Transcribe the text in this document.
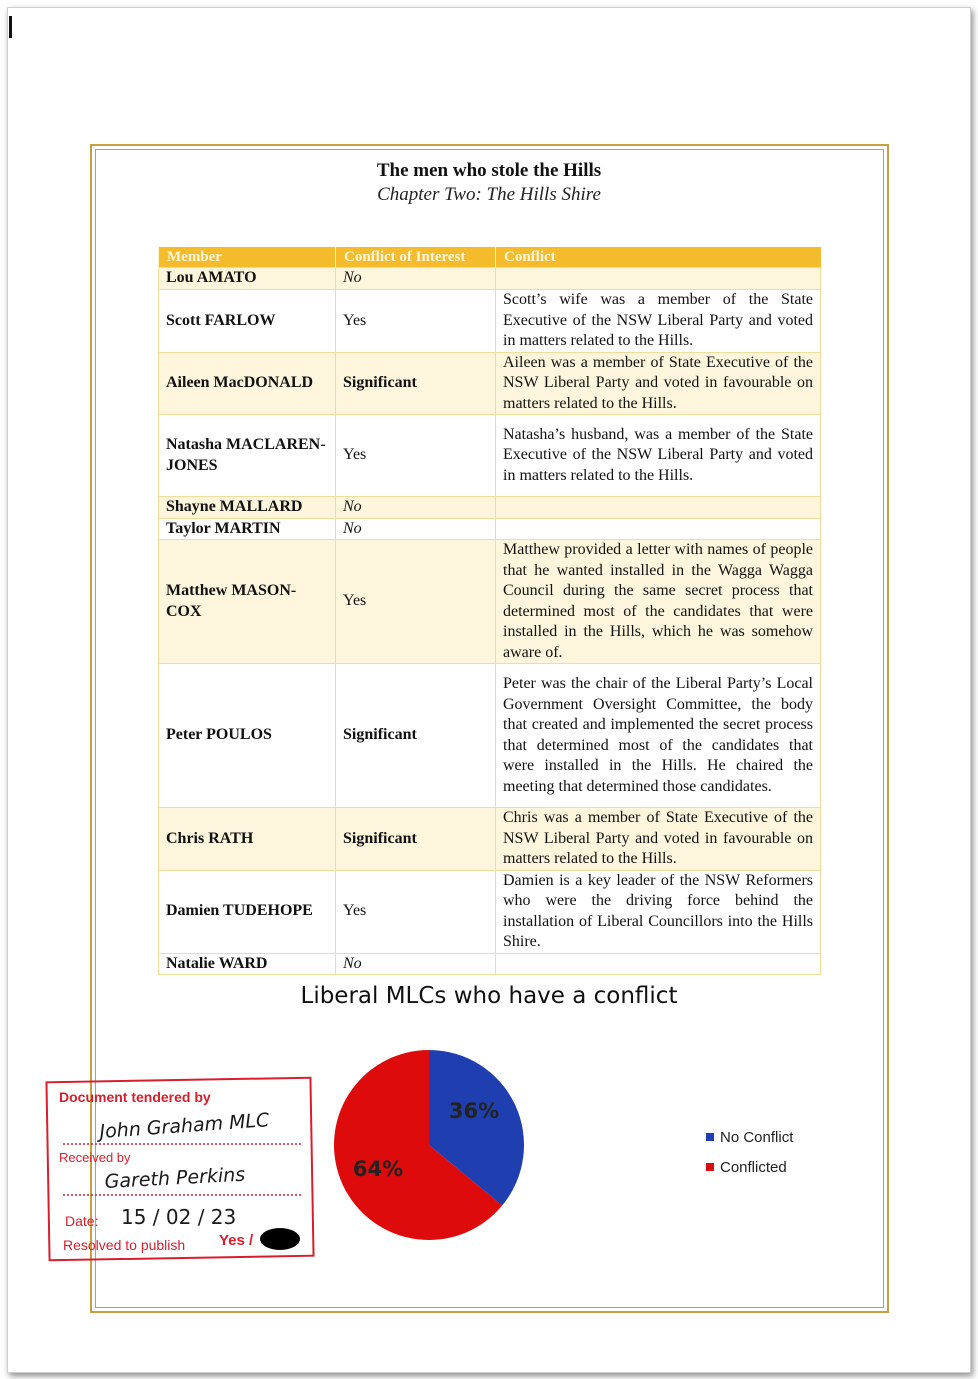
The men who stole the Hills
Chapter Two: The Hills Shire
Member	Conflict of Interest	Conflict
Lou AMATO	No	
Scott FARLOW	Yes	Scott’s wife was a member of the State Executive of the NSW Liberal Party and voted in matters related to the Hills.
Aileen MacDONALD	Significant	Aileen was a member of State Executive of the NSW Liberal Party and voted in favourable on matters related to the Hills.
Natasha MACLAREN-JONES	Yes	Natasha’s husband, was a member of the State Executive of the NSW Liberal Party and voted in matters related to the Hills.
Shayne MALLARD	No	
Taylor MARTIN	No	
Matthew MASON-COX	Yes	Matthew provided a letter with names of people that he wanted installed in the Wagga Wagga Council during the same secret process that determined most of the candidates that were installed in the Hills, which he was somehow aware of.
Peter POULOS	Significant	Peter was the chair of the Liberal Party’s Local Government Oversight Committee, the body that created and implemented the secret process that determined most of the candidates that were installed in the Hills. He chaired the meeting that determined those candidates.
Chris RATH	Significant	Chris was a member of State Executive of the NSW Liberal Party and voted in favourable on matters related to the Hills.
Damien TUDEHOPE	Yes	Damien is a key leader of the NSW Reformers who were the driving force behind the installation of Liberal Councillors into the Hills Shire.
Natalie WARD	No	
Liberal MLCs who have a conflict
36%
64%
No Conflict
Conflicted
Document tendered by
John Graham MLC
Received by
Gareth Perkins
Date: 15 / 02 / 23
Resolved to publish Yes /
